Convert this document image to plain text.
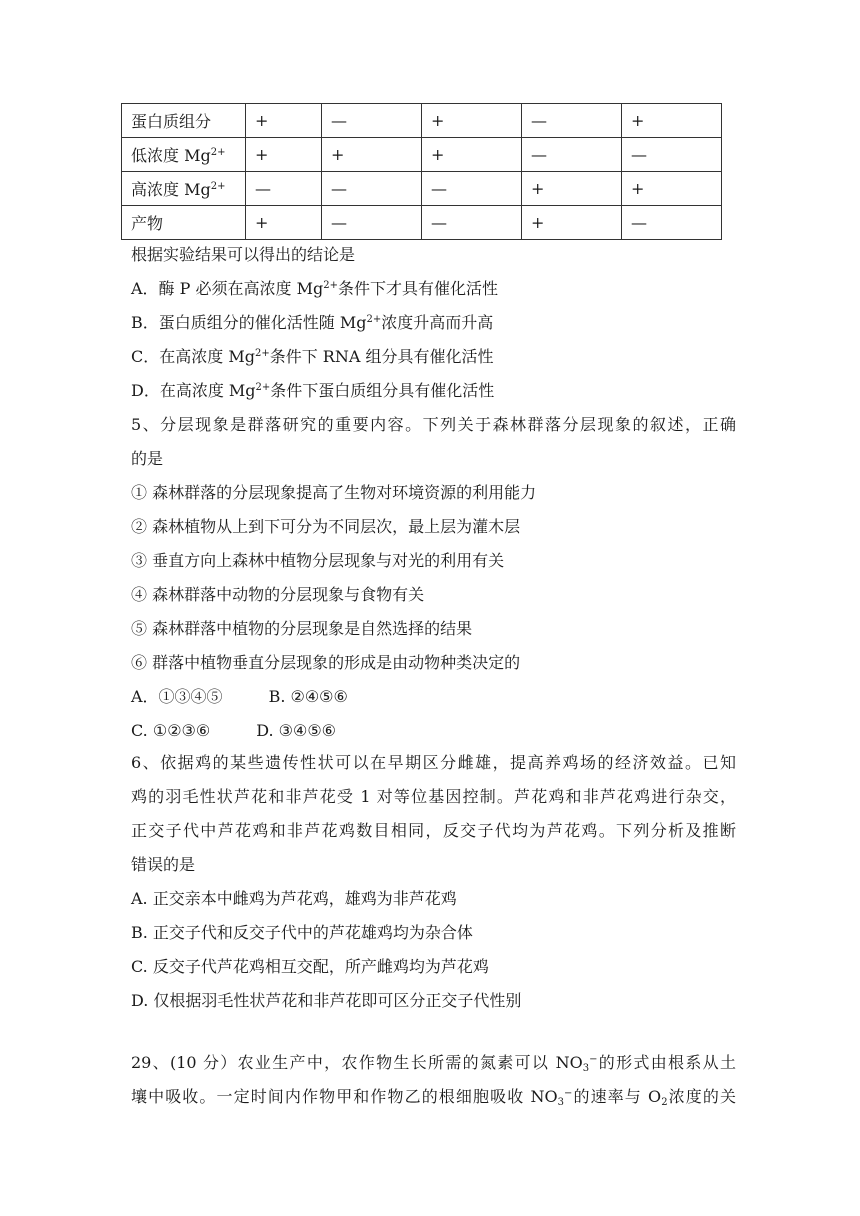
蛋白质组分	+	—	+	—	+
低浓度 $Mg^{2+}$	+	+	+	—	—
高浓度 $Mg^{2+}$	—	—	—	+	+
产物	+	—	—	+	—
根据实验结果可以得出的结论是
A．酶 P 必须在高浓度 $Mg^{2+}$条件下才具有催化活性
B．蛋白质组分的催化活性随 $Mg^{2+}$浓度升高而升高
C．在高浓度 $Mg^{2+}$条件下 RNA 组分具有催化活性
D．在高浓度 $Mg^{2+}$条件下蛋白质组分具有催化活性
5、分层现象是群落研究的重要内容。下列关于森林群落分层现象的叙述，正确
的是
① 森林群落的分层现象提高了生物对环境资源的利用能力
② 森林植物从上到下可分为不同层次，最上层为灌木层
③ 垂直方向上森林中植物分层现象与对光的利用有关
④ 森林群落中动物的分层现象与食物有关
⑤ 森林群落中植物的分层现象是自然选择的结果
⑥ 群落中植物垂直分层现象的形成是由动物种类决定的
A．①③④⑤	B. ②④⑤⑥
C. ①②③⑥	D. ③④⑤⑥
6、依据鸡的某些遗传性状可以在早期区分雌雄，提高养鸡场的经济效益。已知
鸡的羽毛性状芦花和非芦花受 1 对等位基因控制。芦花鸡和非芦花鸡进行杂交，
正交子代中芦花鸡和非芦花鸡数目相同，反交子代均为芦花鸡。下列分析及推断
错误的是
A. 正交亲本中雌鸡为芦花鸡，雄鸡为非芦花鸡
B. 正交子代和反交子代中的芦花雄鸡均为杂合体
C. 反交子代芦花鸡相互交配，所产雌鸡均为芦花鸡
D. 仅根据羽毛性状芦花和非芦花即可区分正交子代性别
29、(10 分）农业生产中，农作物生长所需的氮素可以 $NO_3^-$的形式由根系从土
壤中吸收。一定时间内作物甲和作物乙的根细胞吸收 $NO_3^-$的速率与 $O_2$浓度的关
